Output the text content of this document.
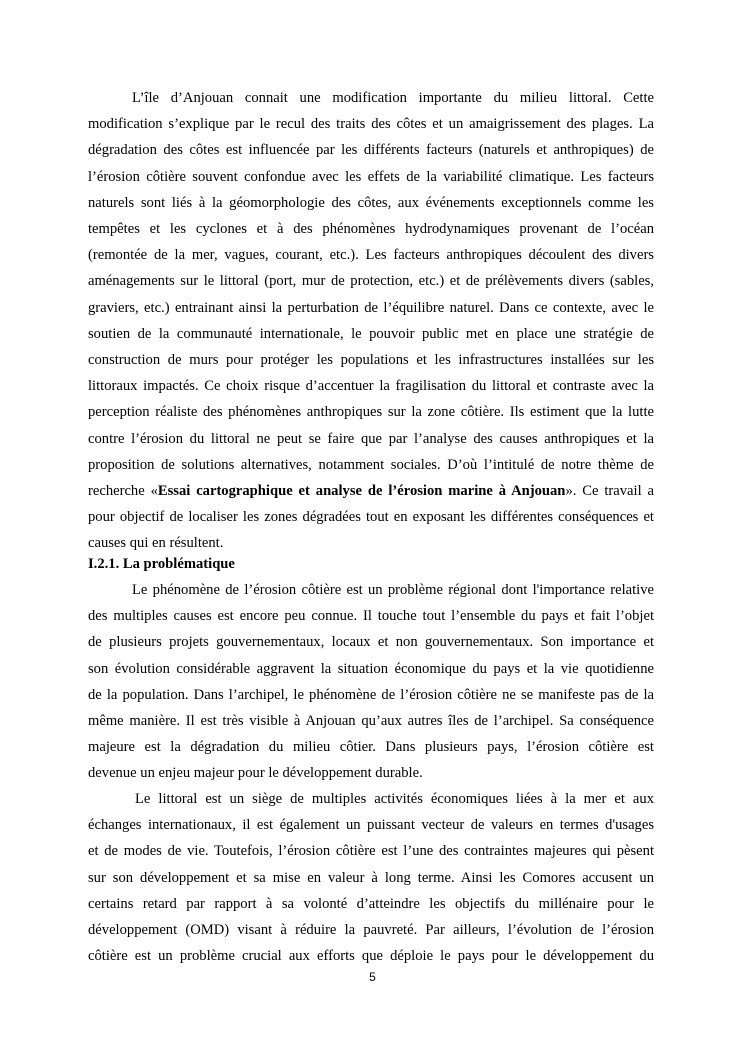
L’île d’Anjouan connait une modification importante du milieu littoral. Cette
modification s’explique par le recul des traits des côtes et un amaigrissement des plages. La
dégradation des côtes est influencée par les différents facteurs (naturels et anthropiques) de
l’érosion côtière souvent confondue avec les effets de la variabilité climatique. Les facteurs
naturels sont liés à la géomorphologie des côtes, aux événements exceptionnels comme les
tempêtes et les cyclones et à des phénomènes hydrodynamiques provenant de l’océan
(remontée de la mer, vagues, courant, etc.). Les facteurs anthropiques découlent des divers
aménagements sur le littoral (port, mur de protection, etc.) et de prélèvements divers (sables,
graviers, etc.) entrainant ainsi la perturbation de l’équilibre naturel. Dans ce contexte, avec le
soutien de la communauté internationale, le pouvoir public met en place une stratégie de
construction de murs pour protéger les populations et les infrastructures installées sur les
littoraux impactés. Ce choix risque d’accentuer la fragilisation du littoral et contraste avec la
perception réaliste des phénomènes anthropiques sur la zone côtière. Ils estiment que la lutte
contre l’érosion du littoral ne peut se faire que par l’analyse des causes anthropiques et la
proposition de solutions alternatives, notamment sociales. D’où l’intitulé de notre thème de
recherche «Essai cartographique et analyse de l’érosion marine à Anjouan». Ce travail a
pour objectif de localiser les zones dégradées tout en exposant les différentes conséquences et
causes qui en résultent.

I.2.1. La problématique

Le phénomène de l’érosion côtière est un problème régional dont l'importance relative
des multiples causes est encore peu connue. Il touche tout l’ensemble du pays et fait l’objet
de plusieurs projets gouvernementaux, locaux et non gouvernementaux. Son importance et
son évolution considérable aggravent la situation économique du pays et la vie quotidienne
de la population. Dans l’archipel, le phénomène de l’érosion côtière ne se manifeste pas de la
même manière. Il est très visible à Anjouan qu’aux autres îles de l’archipel. Sa conséquence
majeure est la dégradation du milieu côtier. Dans plusieurs pays, l’érosion côtière est
devenue un enjeu majeur pour le développement durable.
Le littoral est un siège de multiples activités économiques liées à la mer et aux
échanges internationaux, il est également un puissant vecteur de valeurs en termes d'usages
et de modes de vie. Toutefois, l’érosion côtière est l’une des contraintes majeures qui pèsent
sur son développement et sa mise en valeur à long terme. Ainsi les Comores accusent un
certains retard par rapport à sa volonté d’atteindre les objectifs du millénaire pour le
développement (OMD) visant à réduire la pauvreté. Par ailleurs, l’évolution de l’érosion
côtière est un problème crucial aux efforts que déploie le pays pour le développement du
5
